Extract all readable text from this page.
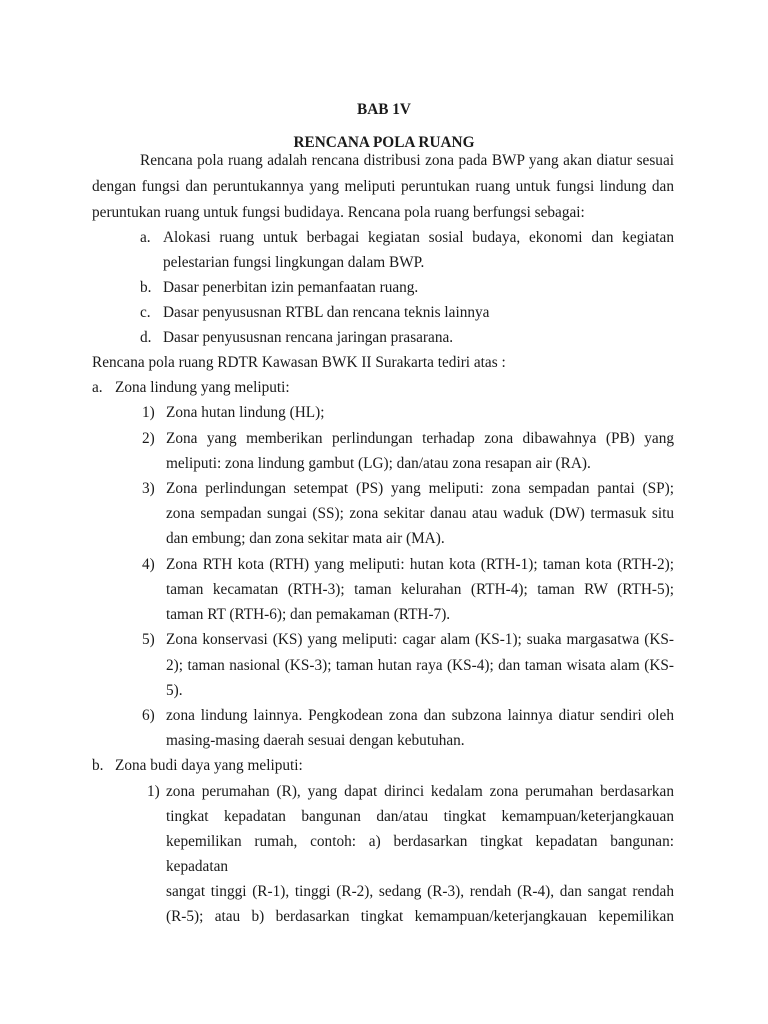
BAB 1V
RENCANA POLA RUANG
Rencana pola ruang adalah rencana distribusi zona pada BWP yang akan diatur sesuai
dengan fungsi dan peruntukannya yang meliputi peruntukan ruang untuk fungsi lindung dan
peruntukan ruang untuk fungsi budidaya. Rencana pola ruang berfungsi sebagai:
a. Alokasi ruang untuk berbagai kegiatan sosial budaya, ekonomi dan kegiatan
pelestarian fungsi lingkungan dalam BWP.
b. Dasar penerbitan izin pemanfaatan ruang.
c. Dasar penyususnan RTBL dan rencana teknis lainnya
d. Dasar penyususnan rencana jaringan prasarana.
Rencana pola ruang RDTR Kawasan BWK II Surakarta tediri atas :
a. Zona lindung yang meliputi:
1) Zona hutan lindung (HL);
2) Zona yang memberikan perlindungan terhadap zona dibawahnya (PB) yang
meliputi: zona lindung gambut (LG); dan/atau zona resapan air (RA).
3) Zona perlindungan setempat (PS) yang meliputi: zona sempadan pantai (SP);
zona sempadan sungai (SS); zona sekitar danau atau waduk (DW) termasuk situ
dan embung; dan zona sekitar mata air (MA).
4) Zona RTH kota (RTH) yang meliputi: hutan kota (RTH-1); taman kota (RTH-2);
taman kecamatan (RTH-3); taman kelurahan (RTH-4); taman RW (RTH-5);
taman RT (RTH-6); dan pemakaman (RTH-7).
5) Zona konservasi (KS) yang meliputi: cagar alam (KS-1); suaka margasatwa (KS-
2); taman nasional (KS-3); taman hutan raya (KS-4); dan taman wisata alam (KS-
5).
6) zona lindung lainnya. Pengkodean zona dan subzona lainnya diatur sendiri oleh
masing-masing daerah sesuai dengan kebutuhan.
b. Zona budi daya yang meliputi:
1) zona perumahan (R), yang dapat dirinci kedalam zona perumahan berdasarkan
tingkat kepadatan bangunan dan/atau tingkat kemampuan/keterjangkauan
kepemilikan rumah, contoh: a) berdasarkan tingkat kepadatan bangunan:
kepadatan
sangat tinggi (R-1), tinggi (R-2), sedang (R-3), rendah (R-4), dan sangat rendah
(R-5); atau b) berdasarkan tingkat kemampuan/keterjangkauan kepemilikan
